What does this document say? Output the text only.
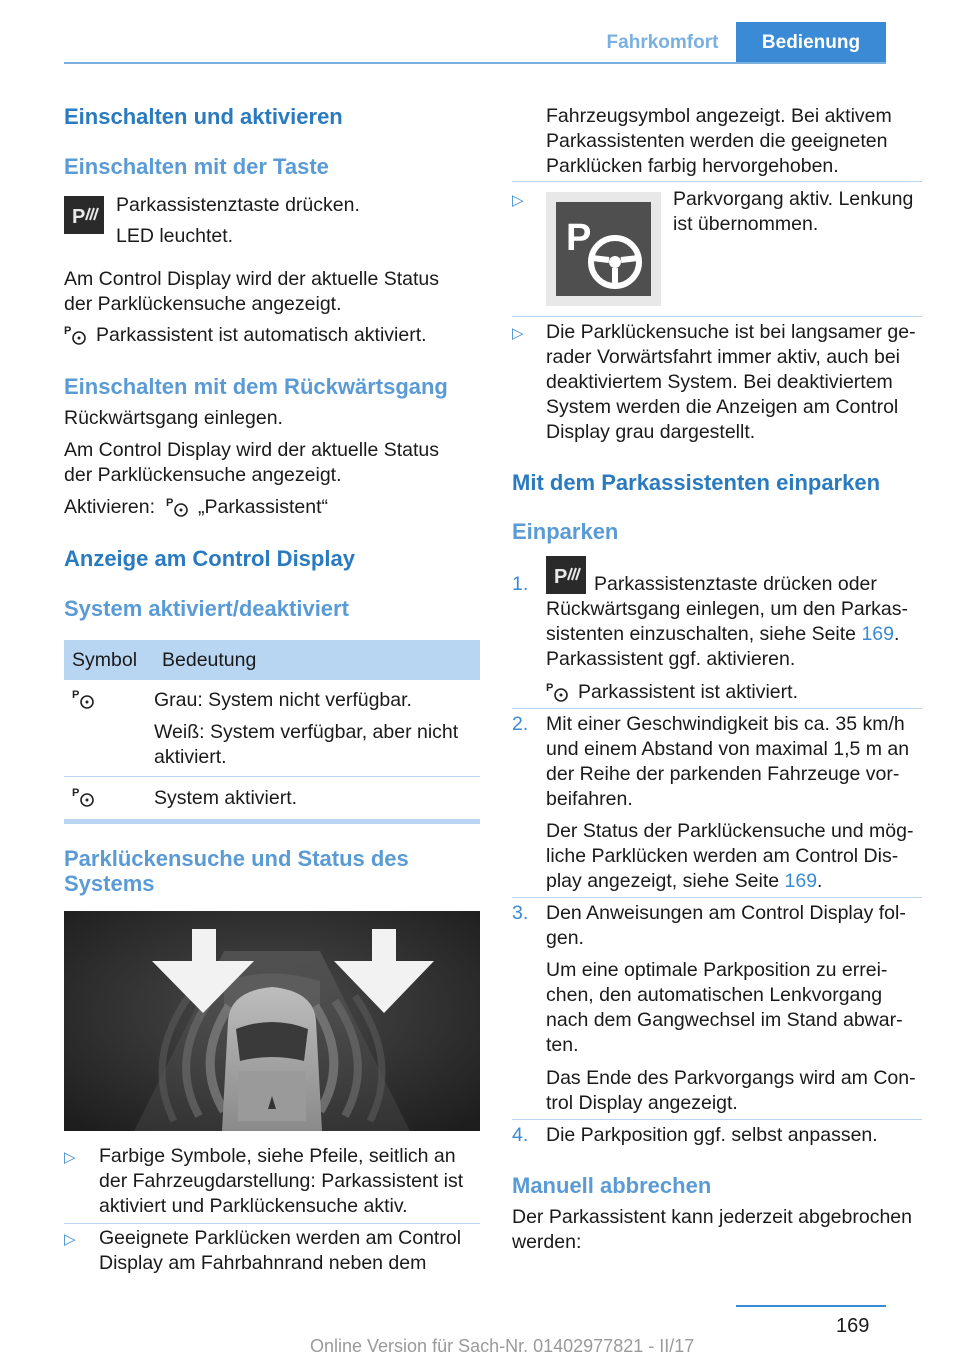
Fahrkomfort	Bedienung
Einschalten und aktivieren
Einschalten mit der Taste
P
Parkassistenztaste drücken.
LED leuchtet.
Am Control Display wird der aktuelle Status
der Parklückensuche angezeigt.
P Parkassistent ist automatisch aktiviert.
Einschalten mit dem Rückwärtsgang
Rückwärtsgang einlegen.
Am Control Display wird der aktuelle Status
der Parklückensuche angezeigt.
Aktivieren: P „Parkassistent“
Anzeige am Control Display
System aktiviert/deaktiviert
Symbol	Bedeutung
P	Grau: System nicht verfügbar.
Weiß: System verfügbar, aber nicht
aktiviert.
P	System aktiviert.
Parklückensuche und Status des
Systems
▷ Farbige Symbole, siehe Pfeile, seitlich an
der Fahrzeugdarstellung: Parkassistent ist
aktiviert und Parklückensuche aktiv.
▷ Geeignete Parklücken werden am Control
Display am Fahrbahnrand neben dem
Fahrzeugsymbol angezeigt. Bei aktivem
Parkassistenten werden die geeigneten
Parklücken farbig hervorgehoben.
▷
P
Parkvorgang aktiv. Lenkung
ist übernommen.
▷ Die Parklückensuche ist bei langsamer ge-
rader Vorwärtsfahrt immer aktiv, auch bei
deaktiviertem System. Bei deaktiviertem
System werden die Anzeigen am Control
Display grau dargestellt.
Mit dem Parkassistenten einparken
Einparken
1. P Parkassistenztaste drücken oder
Rückwärtsgang einlegen, um den Parkas-
sistenten einzuschalten, siehe Seite 169.
Parkassistent ggf. aktivieren.
P Parkassistent ist aktiviert.
2. Mit einer Geschwindigkeit bis ca. 35 km/h
und einem Abstand von maximal 1,5 m an
der Reihe der parkenden Fahrzeuge vor-
beifahren.
Der Status der Parklückensuche und mög-
liche Parklücken werden am Control Dis-
play angezeigt, siehe Seite 169.
3. Den Anweisungen am Control Display fol-
gen.
Um eine optimale Parkposition zu errei-
chen, den automatischen Lenkvorgang
nach dem Gangwechsel im Stand abwar-
ten.
Das Ende des Parkvorgangs wird am Con-
trol Display angezeigt.
4. Die Parkposition ggf. selbst anpassen.
Manuell abbrechen
Der Parkassistent kann jederzeit abgebrochen
werden:
169
Online Version für Sach-Nr. 01402977821 - II/17
